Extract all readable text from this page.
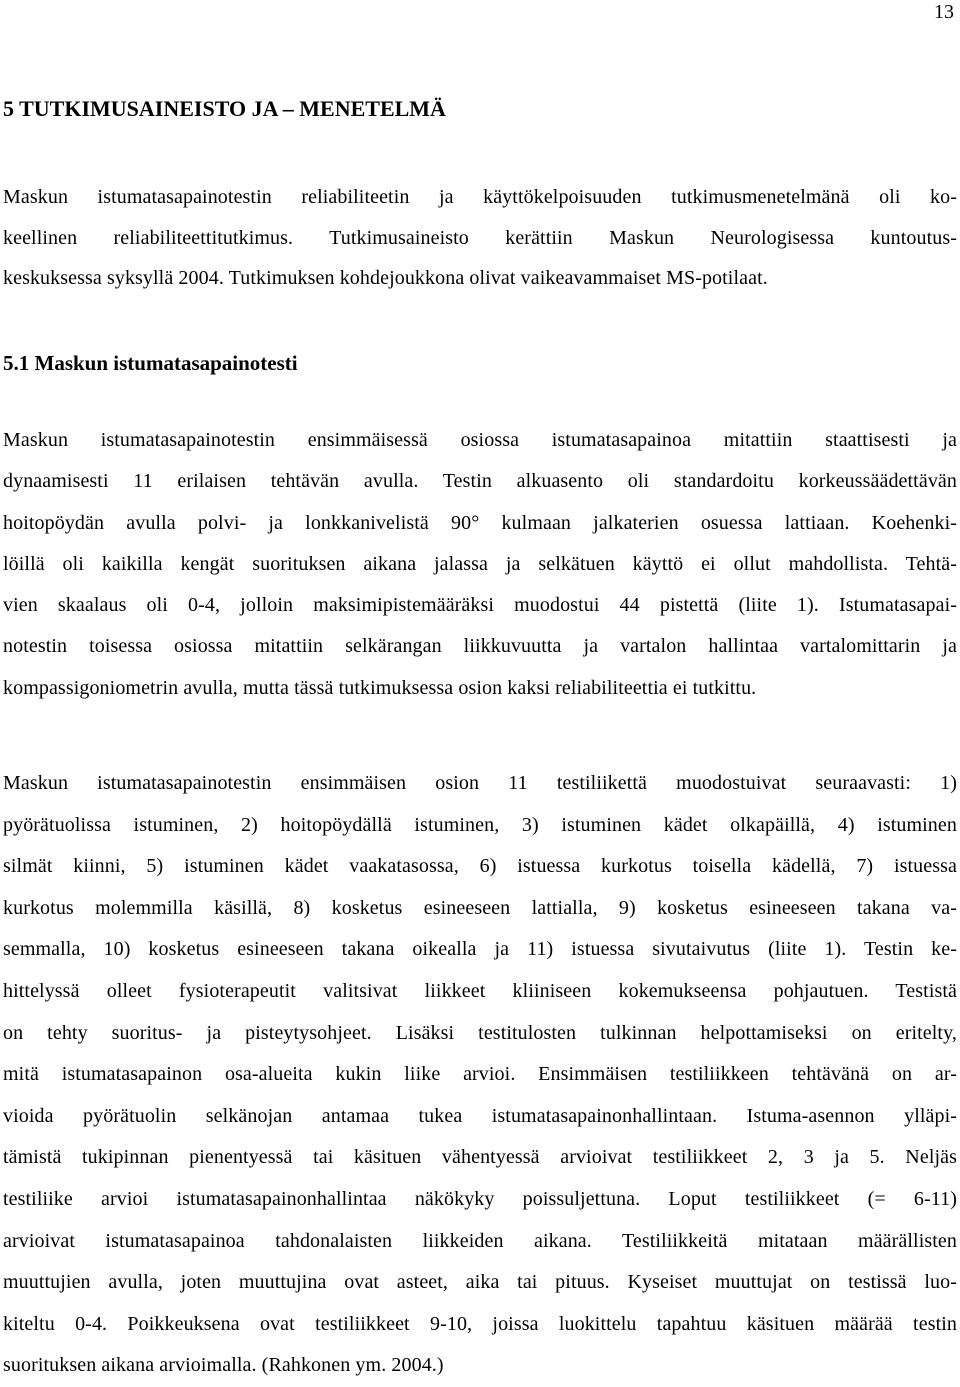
13
5 TUTKIMUSAINEISTO JA – MENETELMÄ

Maskun istumatasapainotestin reliabiliteetin ja käyttökelpoisuuden tutkimusmenetelmänä oli ko-
keellinen reliabiliteettitutkimus. Tutkimusaineisto kerättiin Maskun Neurologisessa kuntoutus-
keskuksessa syksyllä 2004. Tutkimuksen kohdejoukkona olivat vaikeavammaiset MS-potilaat.

5.1 Maskun istumatasapainotesti

Maskun istumatasapainotestin ensimmäisessä osiossa istumatasapainoa mitattiin staattisesti ja
dynaamisesti 11 erilaisen tehtävän avulla. Testin alkuasento oli standardoitu korkeussäädettävän
hoitopöydän avulla polvi- ja lonkkanivelistä 90° kulmaan jalkaterien osuessa lattiaan. Koehenki-
löillä oli kaikilla kengät suorituksen aikana jalassa ja selkätuen käyttö ei ollut mahdollista. Tehtä-
vien skaalaus oli 0-4, jolloin maksimipistemääräksi muodostui 44 pistettä (liite 1). Istumatasapai-
notestin toisessa osiossa mitattiin selkärangan liikkuvuutta ja vartalon hallintaa vartalomittarin ja
kompassigoniometrin avulla, mutta tässä tutkimuksessa osion kaksi reliabiliteettia ei tutkittu.

Maskun istumatasapainotestin ensimmäisen osion 11 testiliikettä muodostuivat seuraavasti: 1)
pyörätuolissa istuminen, 2) hoitopöydällä istuminen, 3) istuminen kädet olkapäillä, 4) istuminen
silmät kiinni, 5) istuminen kädet vaakatasossa, 6) istuessa kurkotus toisella kädellä, 7) istuessa
kurkotus molemmilla käsillä, 8) kosketus esineeseen lattialla, 9) kosketus esineeseen takana va-
semmalla, 10) kosketus esineeseen takana oikealla ja 11) istuessa sivutaivutus (liite 1). Testin ke-
hittelyssä olleet fysioterapeutit valitsivat liikkeet kliiniseen kokemukseensa pohjautuen. Testistä
on tehty suoritus- ja pisteytysohjeet. Lisäksi testitulosten tulkinnan helpottamiseksi on eritelty,
mitä istumatasapainon osa-alueita kukin liike arvioi. Ensimmäisen testiliikkeen tehtävänä on ar-
vioida pyörätuolin selkänojan antamaa tukea istumatasapainonhallintaan. Istuma-asennon ylläpi-
tämistä tukipinnan pienentyessä tai käsituen vähentyessä arvioivat testiliikkeet 2, 3 ja 5. Neljäs
testiliike arvioi istumatasapainonhallintaa näkökyky poissuljettuna. Loput testiliikkeet (= 6-11)
arvioivat istumatasapainoa tahdonalaisten liikkeiden aikana. Testiliikkeitä mitataan määrällisten
muuttujien avulla, joten muuttujina ovat asteet, aika tai pituus. Kyseiset muuttujat on testissä luo-
kiteltu 0-4. Poikkeuksena ovat testiliikkeet 9-10, joissa luokittelu tapahtuu käsituen määrää testin
suorituksen aikana arvioimalla. (Rahkonen ym. 2004.)
